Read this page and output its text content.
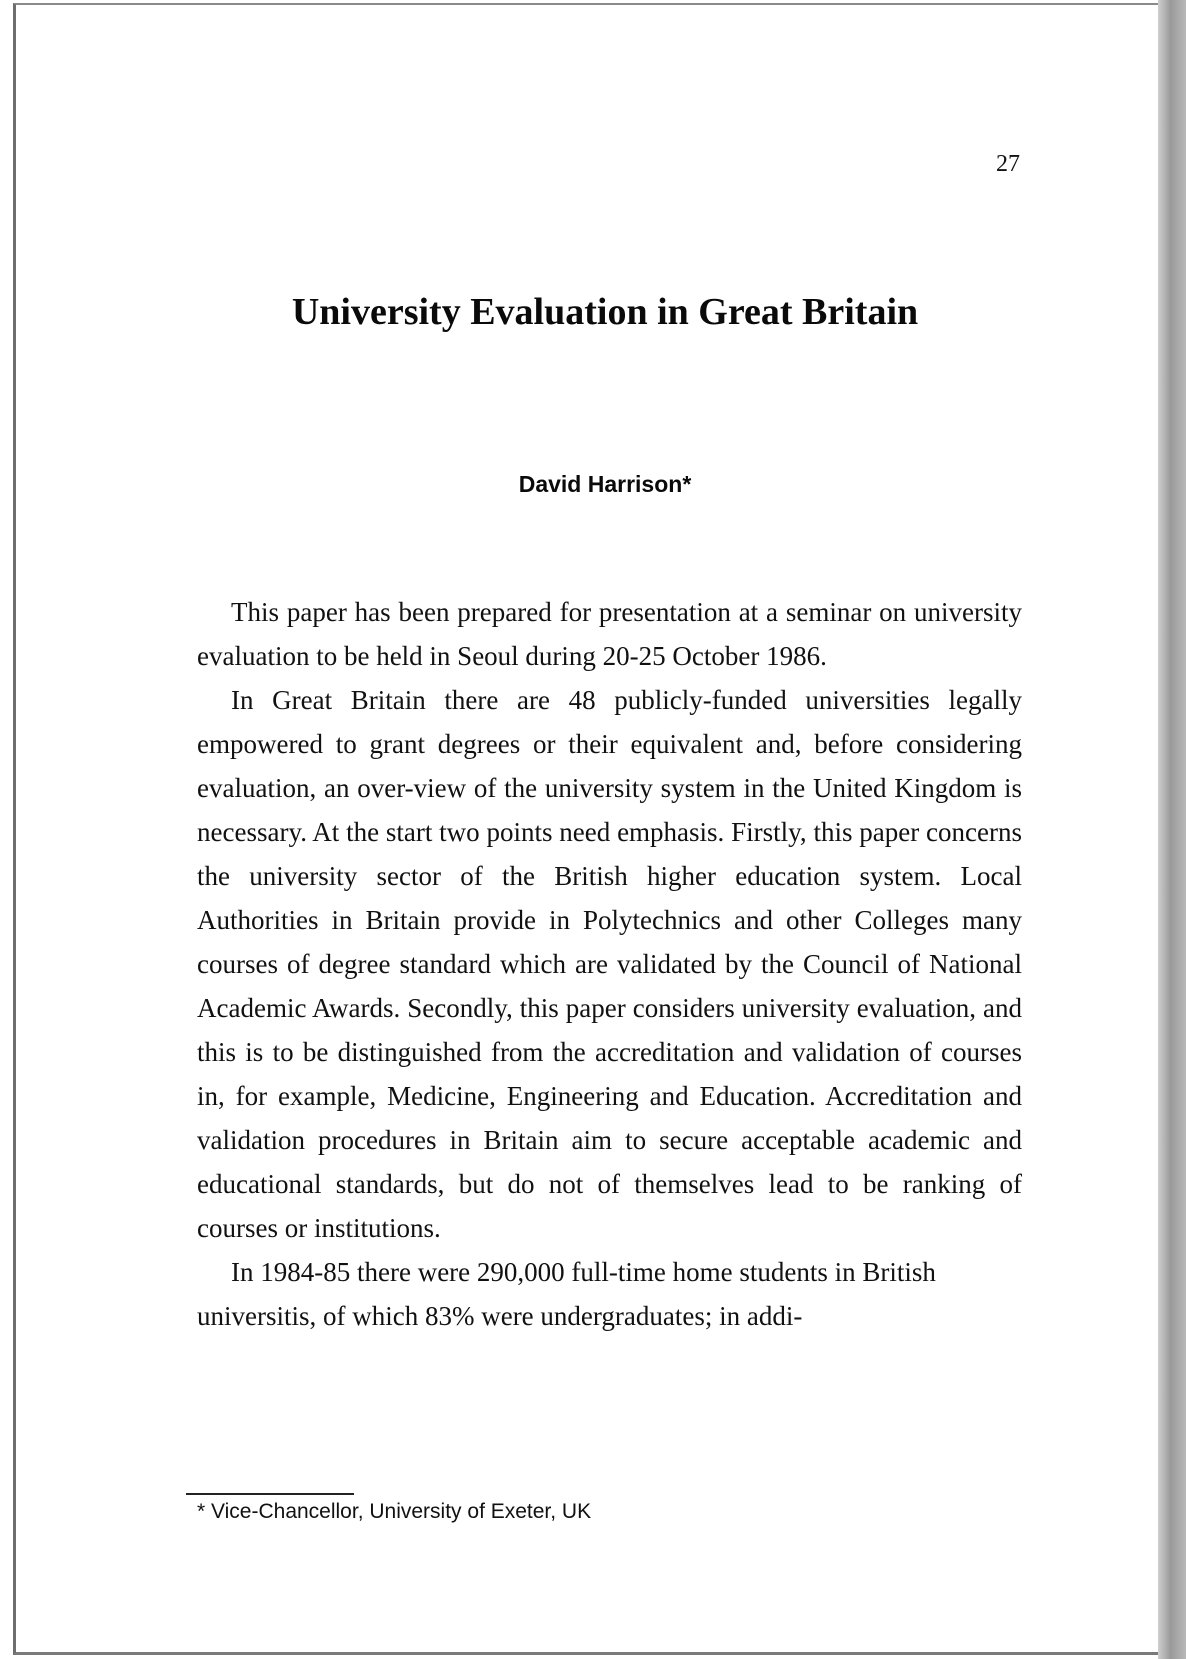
27
University Evaluation in Great Britain
David Harrison*

This paper has been prepared for presentation at a seminar on university evaluation to be held in Seoul during 20-25 October 1986.

In Great Britain there are 48 publicly-funded universities legally empowered to grant degrees or their equivalent and, before considering evaluation, an over-view of the university system in the United Kingdom is necessary. At the start two points need emphasis. Firstly, this paper concerns the university sector of the British higher education system. Local Authorities in Britain provide in Polytechnics and other Colleges many courses of degree standard which are validated by the Council of National Academic Awards. Secondly, this paper considers university evaluation, and this is to be distinguished from the accreditation and validation of courses in, for example, Medicine, Engineering and Education. Accreditation and validation procedures in Britain aim to secure acceptable academic and educational standards, but do not of themselves lead to be ranking of courses or institutions.

In 1984-85 there were 290,000 full-time home students in British universitis, of which 83% were undergraduates; in addi-

* Vice-Chancellor, University of Exeter, UK
